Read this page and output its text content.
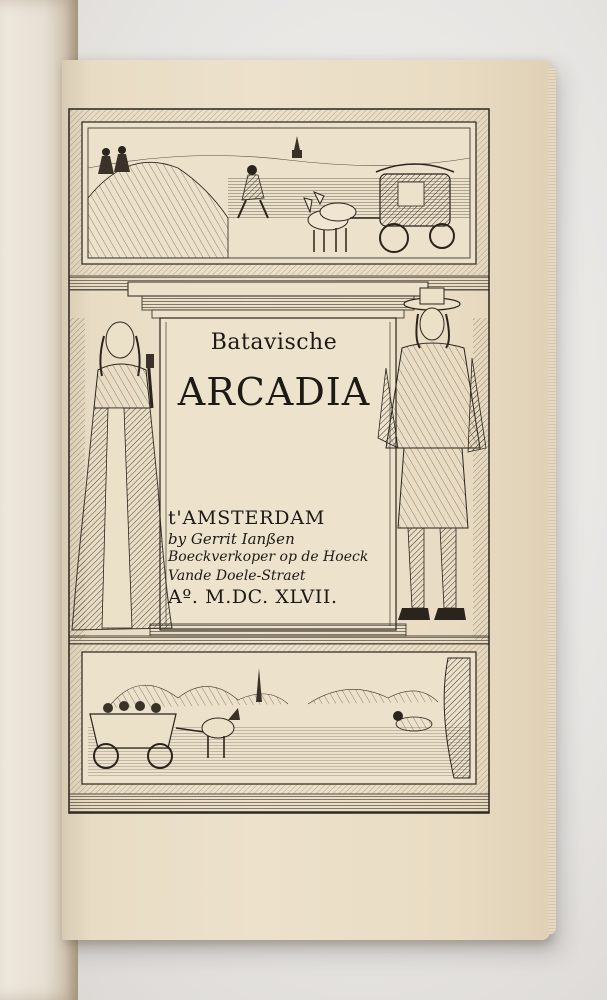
Batavische
ARCADIA
t'AMSTERDAM
by Gerrit Ianßen
Boeckverkoper op de Hoeck
Vande Doele-Straet
Aº. M.DC. XLVII.
